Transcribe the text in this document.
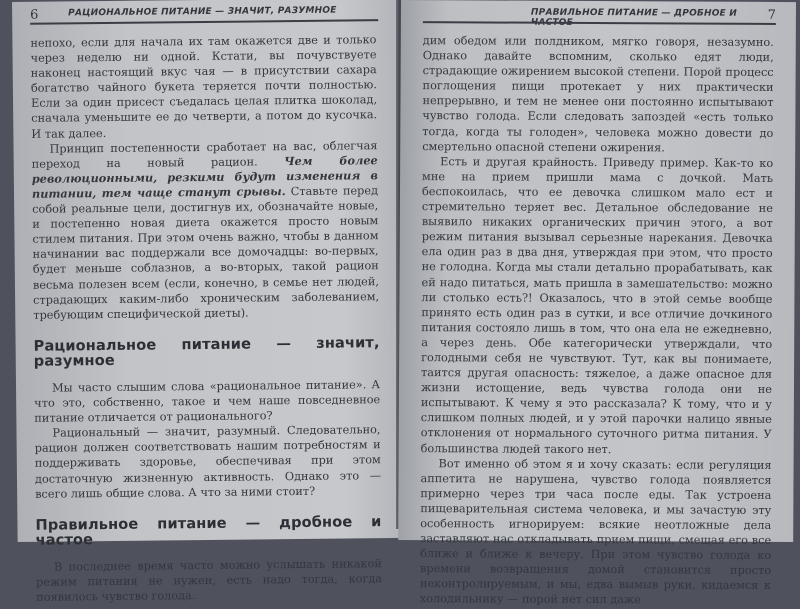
6	РАЦИОНАЛЬНОЕ ПИТАНИЕ — ЗНАЧИТ, РАЗУМНОЕ

непохо, если для начала их там окажется две и только через неделю ни одной. Кстати, вы почувствуете наконец настоящий вкус чая — в присутствии сахара богатство чайного букета теряется почти полностью. Если за один присест съедалась целая плитка шоколад, сначала уменьшите ее до четверти, а потом до кусочка. И так далее.

Принцип постепенности сработает на вас, облегчая переход на новый рацион. Чем более революционными, резкими будут изменения в питании, тем чаще станут срывы. Ставьте перед собой реальные цели, достигнув их, обозначайте новые, и постепенно новая диета окажется просто новым стилем питания. При этом очень важно, чтобы в данном начинании вас поддержали все домочадцы: во-первых, будет меньше соблазнов, а во-вторых, такой рацион весьма полезен всем (если, конечно, в семье нет людей, страдающих каким-либо хроническим заболеванием, требующим специфической диеты).

Рациональное питание — значит, разумное

Мы часто слышим слова «рациональное питание». А что это, собственно, такое и чем наше повседневное питание отличается от рационального?

Рациональный — значит, разумный. Следовательно, рацион должен соответствовать нашим потребностям и поддерживать здоровье, обеспечивая при этом достаточную жизненную активность. Однако это — всего лишь общие слова. А что за ними стоит?

Правильное питание — дробное и частое

В последнее время часто можно услышать никакой режим питания не нужен, есть надо тогда, когда появилось чувство голода.

ПРАВИЛЬНОЕ ПИТАНИЕ — ДРОБНОЕ И ЧАСТОЕ	7

дим обедом или полдником, мягко говоря, незазумно. Однако давайте вспомним, сколько едят люди, страдающие ожирением высокой степени. Порой процесс поглощения пищи протекает у них практически непрерывно, и тем не менее они постоянно испытывают чувство голода. Если следовать запоздей «есть только тогда, когда ты голоден», человека можно довести до смертельно опасной степени ожирения.

Есть и другая крайность. Приведу пример. Как-то ко мне на прием пришли мама с дочкой. Мать беспокоилась, что ее девочка слишком мало ест и стремительно теряет вес. Детальное обследование не выявило никаких органических причин этого, а вот режим питания вызывал серьезные нарекания. Девочка ела один раз в два дня, утверждая при этом, что просто не голодна. Когда мы стали детально прорабатывать, как ей надо питаться, мать пришла в замешательство: можно ли столько есть?! Оказалось, что в этой семье вообще принято есть один раз в сутки, и все отличие дочкиного питания состояло лишь в том, что она ела не ежедневно, а через день. Обе категорически утверждали, что голодными себя не чувствуют. Тут, как вы понимаете, таится другая опасность: тяжелое, а даже опасное для жизни истощение, ведь чувства голода они не испытывают. К чему я это рассказала? К тому, что и у слишком полных людей, и у этой парочки налицо явные отклонения от нормального суточного ритма питания. У большинства людей такого нет.

Вот именно об этом я и хочу сказать: если регуляция аппетита не нарушена, чувство голода появляется примерно через три часа после еды. Так устроена пищеварительная система человека, и мы зачастую эту особенность игнорируем: всякие неотложные дела заставляют нас откладывать прием пищи, смещая его все ближе и ближе к вечеру. При этом чувство голода ко времени возвращения домой становится просто неконтролируемым, и мы, едва вымыв руки, кидаемся к холодильнику — порой нет сил даже
